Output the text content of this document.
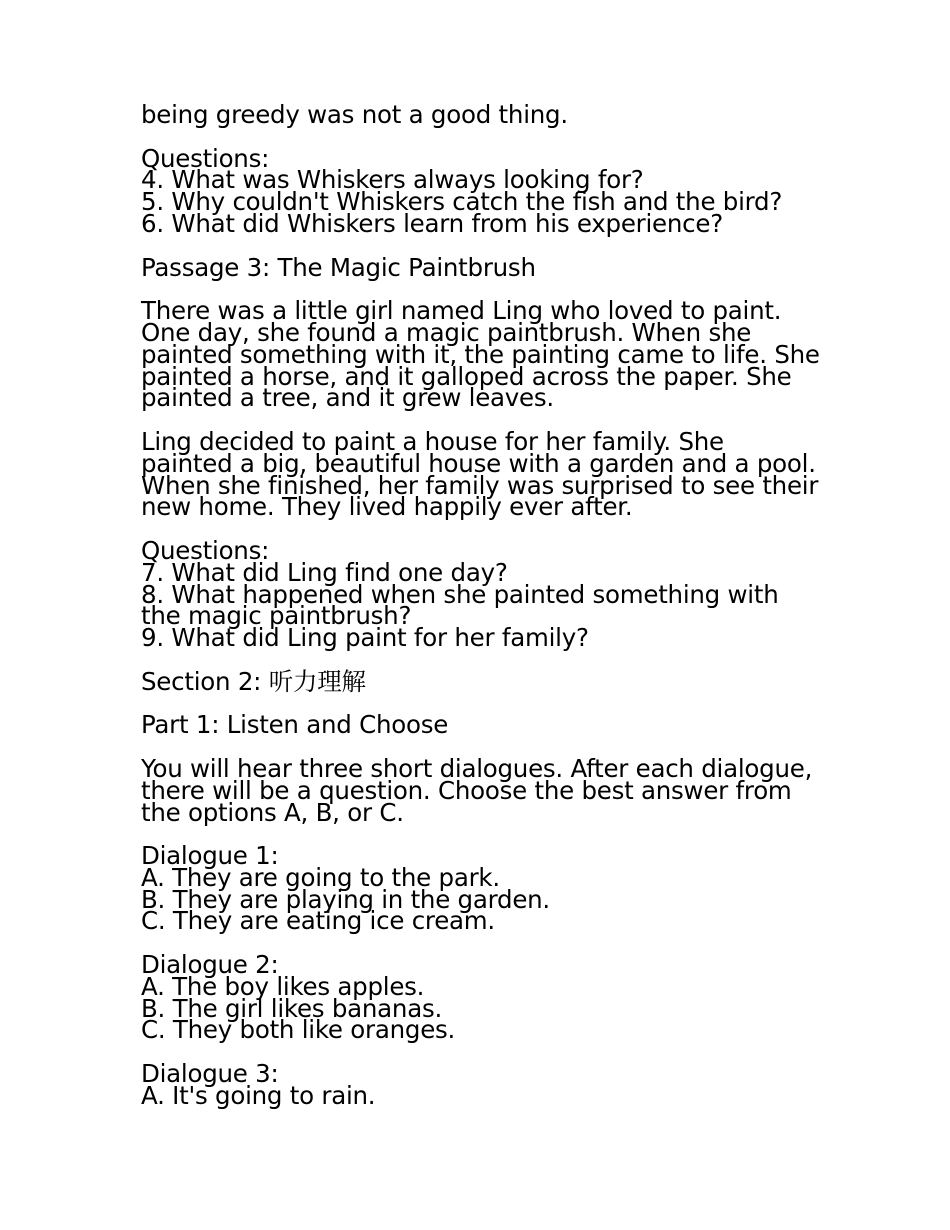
being greedy was not a good thing.
Questions:
4. What was Whiskers always looking for?
5. Why couldn't Whiskers catch the fish and the bird?
6. What did Whiskers learn from his experience?
Passage 3: The Magic Paintbrush
There was a little girl named Ling who loved to paint.
One day, she found a magic paintbrush. When she
painted something with it, the painting came to life. She
painted a horse, and it galloped across the paper. She
painted a tree, and it grew leaves.
Ling decided to paint a house for her family. She
painted a big, beautiful house with a garden and a pool.
When she finished, her family was surprised to see their
new home. They lived happily ever after.
Questions:
7. What did Ling find one day?
8. What happened when she painted something with
the magic paintbrush?
9. What did Ling paint for her family?
Section 2: 听力理解
Part 1: Listen and Choose
You will hear three short dialogues. After each dialogue,
there will be a question. Choose the best answer from
the options A, B, or C.
Dialogue 1:
A. They are going to the park.
B. They are playing in the garden.
C. They are eating ice cream.
Dialogue 2:
A. The boy likes apples.
B. The girl likes bananas.
C. They both like oranges.
Dialogue 3:
A. It's going to rain.
